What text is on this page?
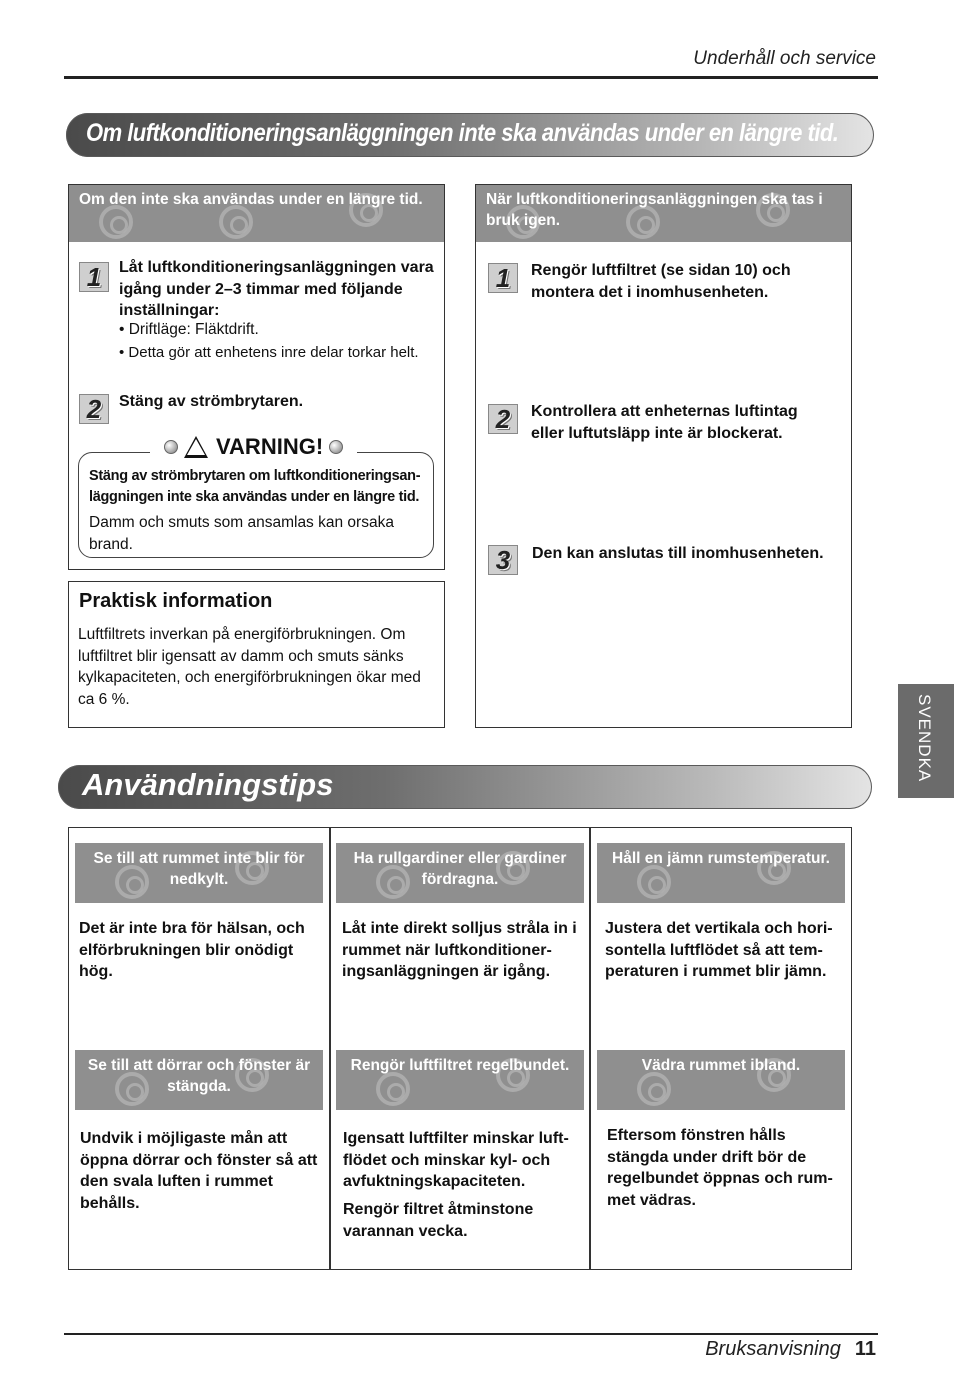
Underhåll och service
Om luftkonditioneringsanläggningen inte ska användas under en längre tid.
Om den inte ska användas under en längre tid.
1	Låt luftkonditioneringsanläggningen vara igång under 2–3 timmar med följande inställningar:
• Driftläge: Fläktdrift.
• Detta gör att enhetens inre delar torkar helt.
2	Stäng av strömbrytaren.
VARNING!
Stäng av strömbrytaren om luftkonditioneringsan-läggningen inte ska användas under en längre tid.
Damm och smuts som ansamlas kan orsaka brand.
Praktisk information
Luftfiltrets inverkan på energiförbrukningen. Om luftfiltret blir igensatt av damm och smuts sänks kylkapaciteten, och energiförbrukningen ökar med ca 6 %.
När luftkonditioneringsanläggningen ska tas i bruk igen.
1	Rengör luftfiltret (se sidan 10) och montera det i inomhusenheten.
2	Kontrollera att enheternas luftintag eller luftutsläpp inte är blockerat.
3	Den kan anslutas till inomhusenheten.
Användningstips
SVENDKA
Se till att rummet inte blir för nedkylt.
Det är inte bra för hälsan, och elförbrukningen blir onödigt hög.
Ha rullgardiner eller gardiner fördragna.
Låt inte direkt solljus stråla in i rummet när luftkonditioner-ingsanläggningen är igång.
Håll en jämn rumstemperatur.
Justera det vertikala och hori-sontella luftflödet så att tem-peraturen i rummet blir jämn.
Se till att dörrar och fönster är stängda.
Undvik i möjligaste mån att öppna dörrar och fönster så att den svala luften i rummet behålls.
Rengör luftfiltret regelbundet.
Igensatt luftfilter minskar luft-flödet och minskar kyl- och avfuktningskapaciteten.
Rengör filtret åtminstone varannan vecka.
Vädra rummet ibland.
Eftersom fönstren hålls stängda under drift bör de regelbundet öppnas och rum-met vädras.
Bruksanvisning 11
